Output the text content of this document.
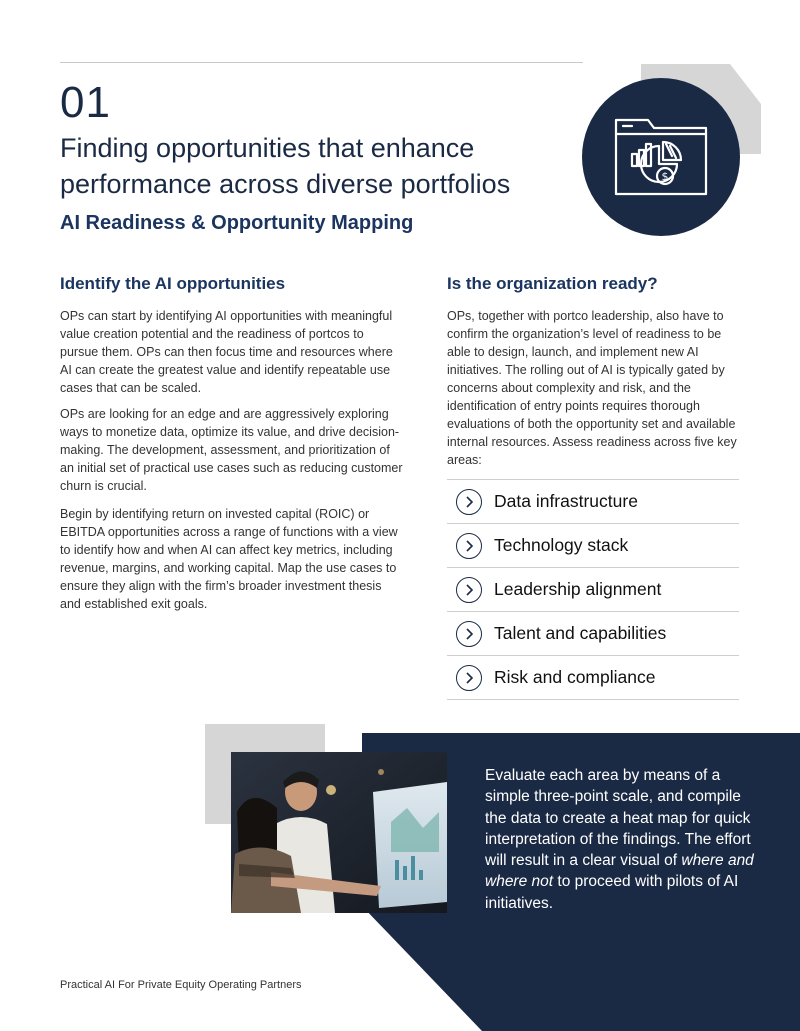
$
01
Finding opportunities that enhance performance across diverse portfolios
AI Readiness & Opportunity Mapping
Identify the AI opportunities

OPs can start by identifying AI opportunities with meaningful value creation potential and the readiness of portcos to pursue them. OPs can then focus time and resources where AI can create the greatest value and identify repeatable use cases that can be scaled.

OPs are looking for an edge and are aggressively exploring ways to monetize data, optimize its value, and drive decision-making. The development, assessment, and prioritization of an initial set of practical use cases such as reducing customer churn is crucial.

Begin by identifying return on invested capital (ROIC) or EBITDA opportunities across a range of functions with a view to identify how and when AI can affect key metrics, including revenue, margins, and working capital. Map the use cases to ensure they align with the firm’s broader investment thesis and established exit goals.

Is the organization ready?

OPs, together with portco leadership, also have to confirm the organization’s level of readiness to be able to design, launch, and implement new AI initiatives. The rolling out of AI is typically gated by concerns about complexity and risk, and the identification of entry points requires thorough evaluations of both the opportunity set and available internal resources. Assess readiness across five key areas:

Data infrastructure
Technology stack
Leadership alignment
Talent and capabilities
Risk and compliance
Evaluate each area by means of a simple three-point scale, and compile the data to create a heat map for quick interpretation of the findings. The effort will result in a clear visual of where and where not to proceed with pilots of AI initiatives.
3
Practical AI For Private Equity Operating Partners
